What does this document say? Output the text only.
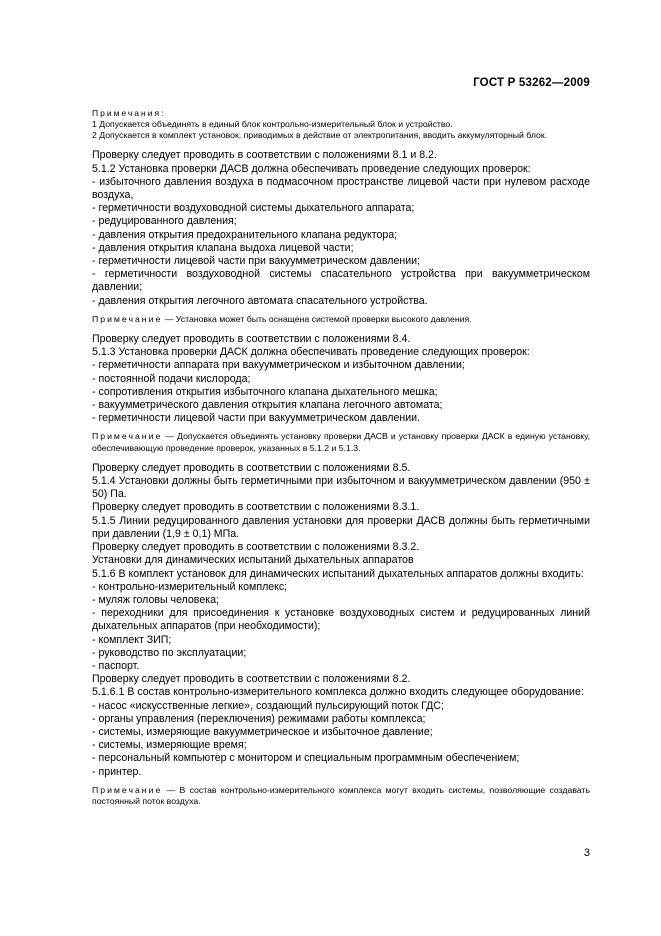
ГОСТ Р 53262—2009
Примечания:
1 Допускается объединять в единый блок контрольно-измерительный блок и устройство.
2 Допускается в комплект установок, приводимых в действие от электропитания, вводить аккумуляторный блок.
Проверку следует проводить в соответствии с положениями 8.1 и 8.2.
5.1.2 Установка проверки ДАСВ должна обеспечивать проведение следующих проверок:
- избыточного давления воздуха в подмасочном пространстве лицевой части при нулевом расходе воздуха,
- герметичности воздуховодной системы дыхательного аппарата;
- редуцированного давления;
- давления открытия предохранительного клапана редуктора;
- давления открытия клапана выдоха лицевой части;
- герметичности лицевой части при вакуумметрическом давлении;
- герметичности воздуховодной системы спасательного устройства при вакуумметрическом давлении;
- давления открытия легочного автомата спасательного устройства.
Примечание — Установка может быть оснащена системой проверки высокого давления.
Проверку следует проводить в соответствии с положениями 8.4.
5.1.3 Установка проверки ДАСК должна обеспечивать проведение следующих проверок:
- герметичности аппарата при вакуумметрическом и избыточном давлении;
- постоянной подачи кислорода;
- сопротивления открытия избыточного клапана дыхательного мешка;
- вакуумметрического давления открытия клапана легочного автомата;
- герметичности лицевой части при вакуумметрическом давлении.
Примечание — Допускается объединять установку проверки ДАСВ и установку проверки ДАСК в единую установку, обеспечивающую проведение проверок, указанных в 5.1.2 и 5.1.3.
Проверку следует проводить в соответствии с положениями 8.5.
5.1.4 Установки должны быть герметичными при избыточном и вакуумметрическом давлении (950 ± 50) Па.
Проверку следует проводить в соответствии с положениями 8.3.1.
5.1.5 Линии редуцированного давления установки для проверки ДАСВ должны быть герметичными при давлении (1,9 ± 0,1) МПа.
Проверку следует проводить в соответствии с положениями 8.3.2.
Установки для динамических испытаний дыхательных аппаратов
5.1.6 В комплект установок для динамических испытаний дыхательных аппаратов должны входить:
- контрольно-измерительный комплекс;
- муляж головы человека;
- переходники для присоединения к установке воздуховодных систем и редуцированных линий дыхательных аппаратов (при необходимости);
- комплект ЗИП;
- руководство по эксплуатации;
- паспорт.
Проверку следует проводить в соответствии с положениями 8.2.
5.1.6.1 В состав контрольно-измерительного комплекса должно входить следующее оборудование:
- насос «искусственные легкие», создающий пульсирующий поток ГДС;
- органы управления (переключения) режимами работы комплекса;
- системы, измеряющие вакуумметрическое и избыточное давление;
- системы, измеряющие время;
- персональный компьютер с монитором и специальным программным обеспечением;
- принтер.
Примечание — В состав контрольно-измерительного комплекса могут входить системы, позволяющие создавать постоянный поток воздуха.
3
